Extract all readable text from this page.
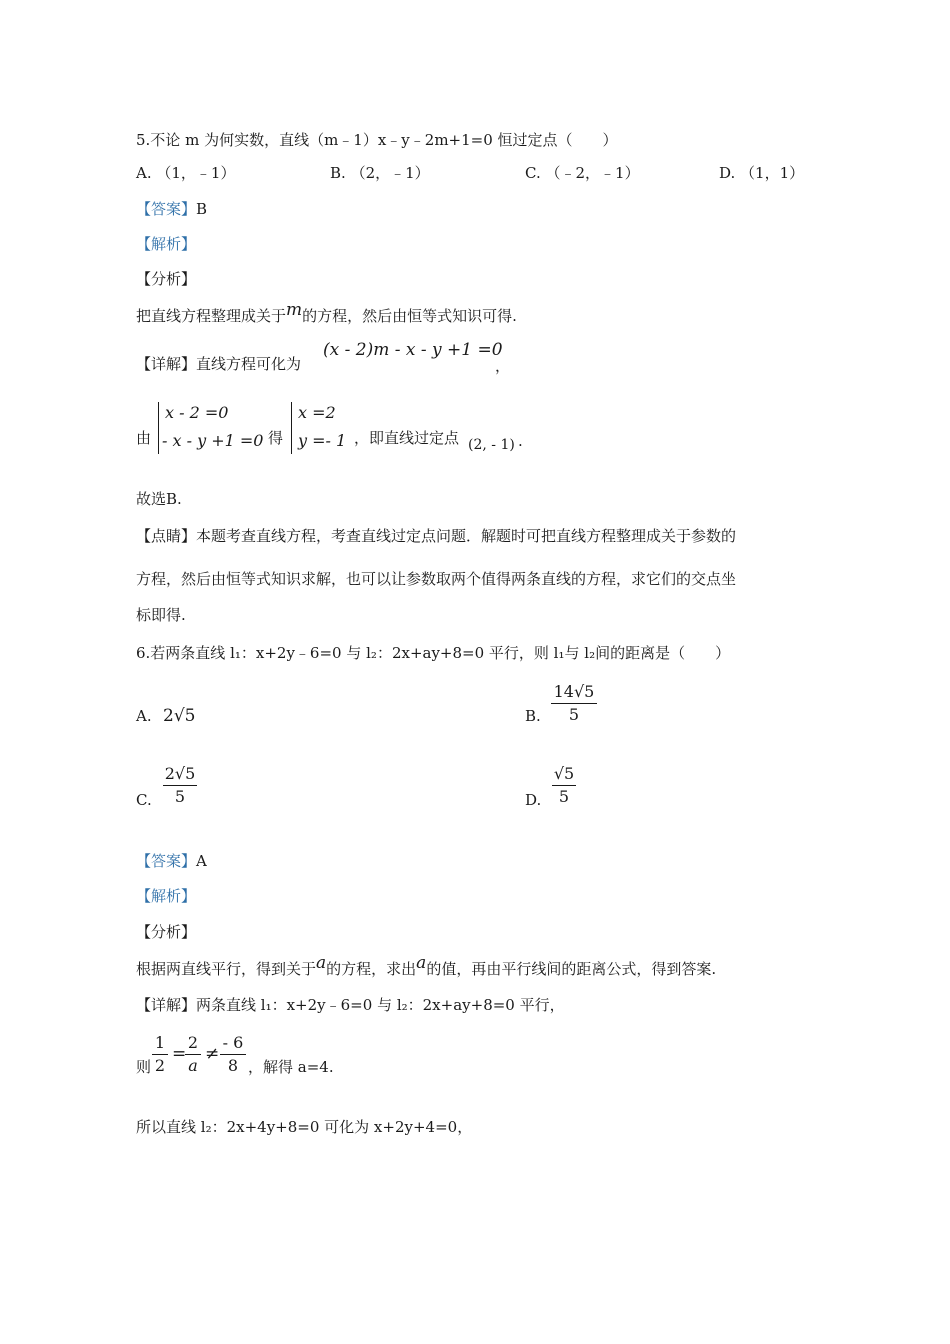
5.不论 m 为何实数，直线（m﹣1）x﹣y﹣2m+1=0 恒过定点（　　）
A. （1，﹣1）	B. （2，﹣1）	C. （﹣2，﹣1）	D. （1，1）
【答案】B
【解析】
【分析】
把直线方程整理成关于m的方程，然后由恒等式知识可得.
【详解】直线方程可化为
(x - 2)m - x - y +1 =0
，
由
x - 2 =0
- x - y +1 =0 得
x =2
y =- 1 ，即直线过定点 (2, - 1) .
故选B.
【点睛】本题考查直线方程，考查直线过定点问题．解题时可把直线方程整理成关于参数的
方程，然后由恒等式知识求解，也可以让参数取两个值得两条直线的方程，求它们的交点坐
标即得.
6.若两条直线 l₁：x+2y﹣6=0 与 l₂：2x+ay+8=0 平行，则 l₁与 l₂间的距离是（　　）
A. 2√5	B.
14√5
5
C.
2√5
5	D.
√5
5
【答案】A
【解析】
【分析】
根据两直线平行，得到关于a的方程，求出a的值，再由平行线间的距离公式，得到答案.
【详解】两条直线 l₁：x+2y﹣6=0 与 l₂：2x+ay+8=0 平行，
则
1
2
=
2
a
≠
- 6
8 ，解得 a=4.
所以直线 l₂：2x+4y+8=0 可化为 x+2y+4=0，
